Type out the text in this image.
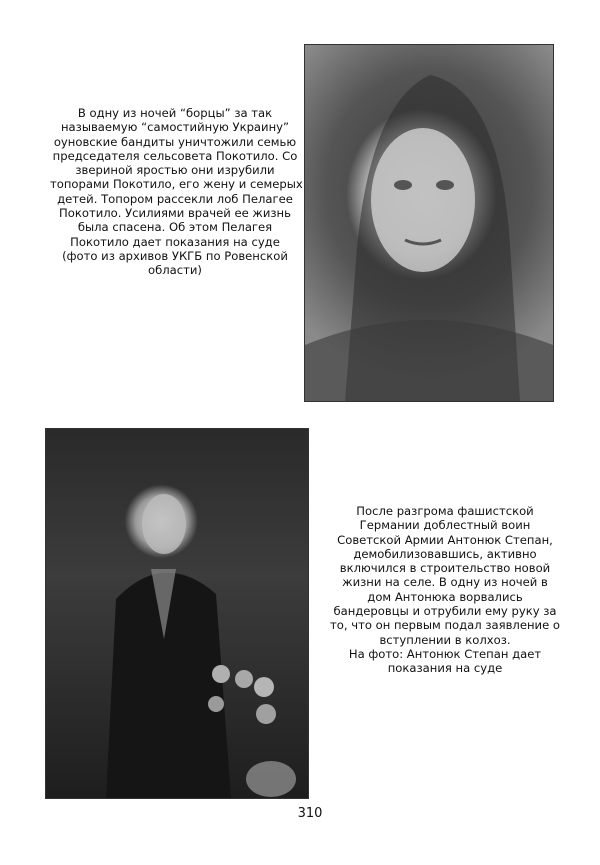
В одну из ночей “борцы” за так
называемую “самостийную Украину”
оуновские бандиты уничтожили семью
председателя сельсовета Покотило. Со
звериной яростью они изрубили
топорами Покотило, его жену и семерых
детей. Топором рассекли лоб Пелагее
Покотило. Усилиями врачей ее жизнь
была спасена. Об этом Пелагея
Покотило дает показания на суде
(фото из архивов УКГБ по Ровенской
области)
После разгрома фашистской
Германии доблестный воин
Советской Армии Антонюк Степан,
демобилизовавшись, активно
включился в строительство новой
жизни на селе. В одну из ночей в
дом Антонюка ворвались
бандеровцы и отрубили ему руку за
то, что он первым подал заявление о
вступлении в колхоз.
На фото: Антонюк Степан дает
показания на суде
310
